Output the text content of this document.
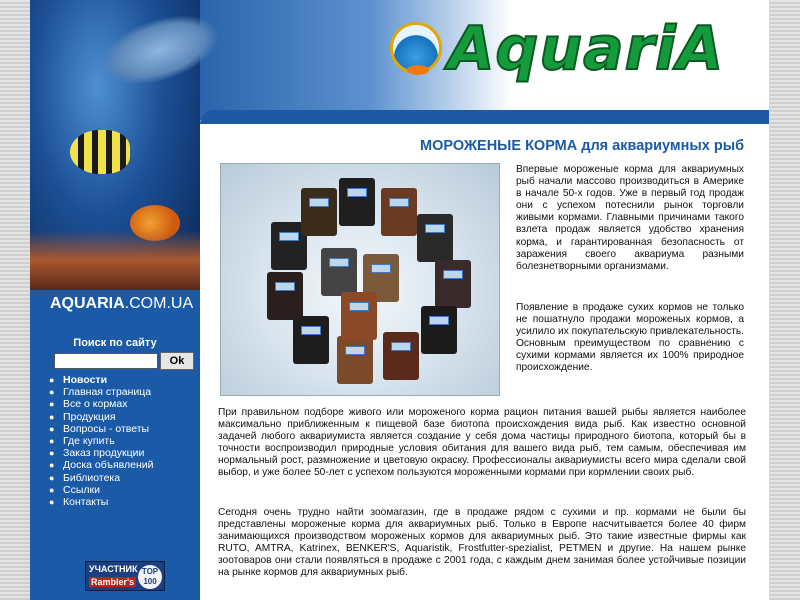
AquariA
AQUARIA.COM.UA
Поиск по сайту
Ok
● Новости
● Главная страница
● Все о кормах
● Продукция
● Вопросы - ответы
● Где купить
● Заказ продукции
● Доска объявлений
● Библиотека
● Ссылки
● Контакты
УЧАСТНИК
Rambler's
TOP 100
МОРОЖЕНЫЕ КОРМА для аквариумных рыб
Впервые мороженые корма для аквариумных рыб начали массово производиться в Америке в начале 50-х годов. Уже в первый год продаж они с успехом потеснили рынок торговли живыми кормами. Главными причинами такого взлета продаж является удобство хранения корма, и гарантированная безопасность от заражения своего аквариума разными болезнетворными организмами.
Появление в продаже сухих кормов не только не пошатнуло продажи мороженых кормов, а усилило их покупательскую привлекательность. Основным преимуществом по сравнению с сухими кормами является их 100% природное происхождение.
При правильном подборе живого или мороженого корма рацион питания вашей рыбы является наиболее максимально приближенным к пищевой базе биотопа происхождения вида рыб. Как известно основной задачей любого аквариумиста является создание у себя дома частицы природного биотопа, который бы в точности воспроизводил природные условия обитания для вашего вида рыб, тем самым, обеспечивая им нормальный рост, размножение и цветовую окраску. Профессионалы аквариумисты всего мира сделали свой выбор, и уже более 50-лет с успехом пользуются мороженными кормами при кормлении своих рыб.
Сегодня очень трудно найти зоомагазин, где в продаже рядом с сухими и пр. кормами не были бы представлены мороженые корма для аквариумных рыб. Только в Европе насчитывается более 40 фирм занимающихся производством мороженых кормов для аквариумных рыб. Это такие известные фирмы как RUTO, AMTRA, Katrinex, BENKER'S, Aquaristik, Frostfutter-spezialist, PETMEN и другие. На нашем рынке зоотоваров они стали появляться в продаже с 2001 года, с каждым днем занимая более устойчивые позиции на рынке кормов для аквариумных рыб.
